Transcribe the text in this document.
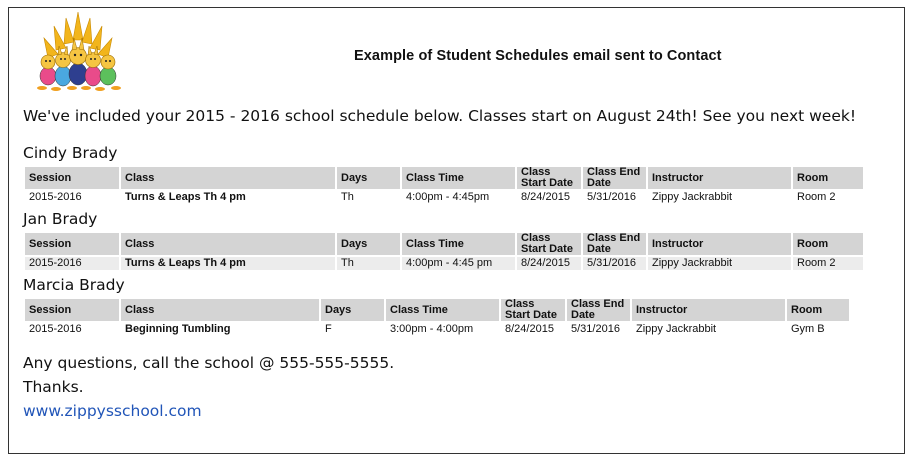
Example of Student Schedules email sent to Contact
We've included your 2015 - 2016 school schedule below. Classes start on August 24th! See you next week!
Cindy Brady
Session	Class	Days	Class Time	Class Start Date	Class End Date	Instructor	Room
2015-2016	Turns & Leaps Th 4 pm	Th	4:00pm - 4:45pm	8/24/2015	5/31/2016	Zippy Jackrabbit	Room 2
Jan Brady
Session	Class	Days	Class Time	Class Start Date	Class End Date	Instructor	Room
2015-2016	Turns & Leaps Th 4 pm	Th	4:00pm - 4:45 pm	8/24/2015	5/31/2016	Zippy Jackrabbit	Room 2
Marcia Brady
Session	Class	Days	Class Time	Class Start Date	Class End Date	Instructor	Room
2015-2016	Beginning Tumbling	F	3:00pm - 4:00pm	8/24/2015	5/31/2016	Zippy Jackrabbit	Gym B
Any questions, call the school @ 555-555-5555.
Thanks.
www.zippysschool.com
